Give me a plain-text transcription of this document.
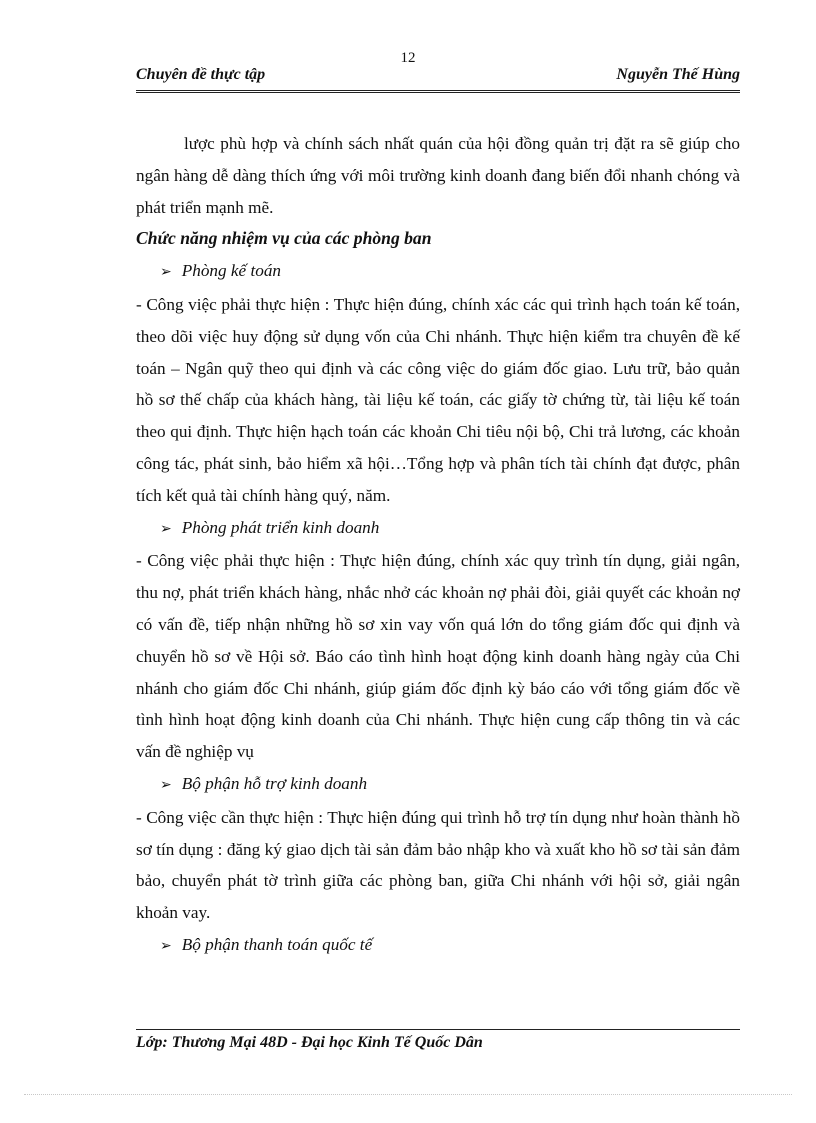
12
Chuyên đề thực tập	Nguyễn Thế Hùng

lược phù hợp và chính sách nhất quán của hội đồng quản trị đặt ra sẽ giúp cho ngân hàng dễ dàng thích ứng với môi trường kinh doanh đang biến đổi nhanh chóng và phát triển mạnh mẽ.

Chức năng nhiệm vụ của các phòng ban

➢ Phòng kế toán

- Công việc phải thực hiện : Thực hiện đúng, chính xác các qui trình hạch toán kế toán, theo dõi việc huy động sử dụng vốn của Chi nhánh. Thực hiện kiểm tra chuyên đề kế toán – Ngân quỹ theo qui định và các công việc do giám đốc giao. Lưu trữ, bảo quản hồ sơ thế chấp của khách hàng, tài liệu kế toán, các giấy tờ chứng từ, tài liệu kế toán theo qui định. Thực hiện hạch toán các khoản Chi tiêu nội bộ, Chi trả lương, các khoản công tác, phát sinh, bảo hiểm xã hội…Tổng hợp và phân tích tài chính đạt được, phân tích kết quả tài chính hàng quý, năm.

➢ Phòng phát triển kinh doanh

- Công việc phải thực hiện : Thực hiện đúng, chính xác quy trình tín dụng, giải ngân, thu nợ, phát triển khách hàng, nhắc nhở các khoản nợ phải đòi, giải quyết các khoản nợ có vấn đề, tiếp nhận những hồ sơ xin vay vốn quá lớn do tổng giám đốc qui định và chuyển hồ sơ về Hội sở. Báo cáo tình hình hoạt động kinh doanh hàng ngày của Chi nhánh cho giám đốc Chi nhánh, giúp giám đốc định kỳ báo cáo với tổng giám đốc về tình hình hoạt động kinh doanh của Chi nhánh. Thực hiện cung cấp thông tin và các vấn đề nghiệp vụ

➢ Bộ phận hỗ trợ kinh doanh

- Công việc cần thực hiện : Thực hiện đúng qui trình hỗ trợ tín dụng như hoàn thành hồ sơ tín dụng : đăng ký giao dịch tài sản đảm bảo nhập kho và xuất kho hồ sơ tài sản đảm bảo, chuyển phát tờ trình giữa các phòng ban, giữa Chi nhánh với hội sở, giải ngân khoản vay.

➢ Bộ phận thanh toán quốc tế

Lớp: Thương Mại 48D - Đại học Kinh Tế Quốc Dân
